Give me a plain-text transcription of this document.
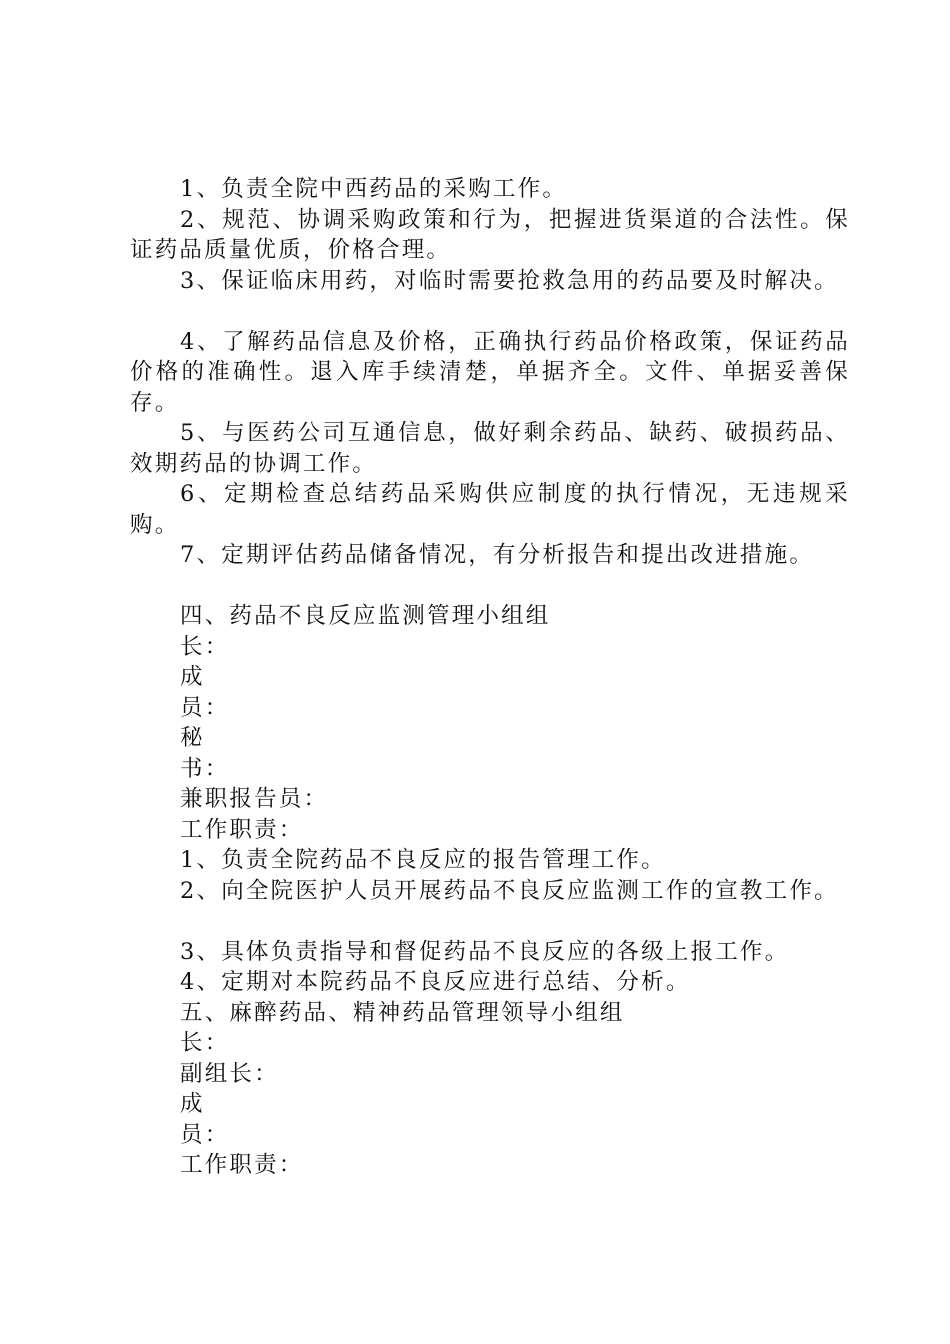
1、负责全院中西药品的采购工作。

2、规范、协调采购政策和行为，把握进货渠道的合法性。保证药品质量优质，价格合理。

3、保证临床用药，对临时需要抢救急用的药品要及时解决。

4、了解药品信息及价格，正确执行药品价格政策，保证药品价格的准确性。退入库手续清楚，单据齐全。文件、单据妥善保存。

5、与医药公司互通信息，做好剩余药品、缺药、破损药品、效期药品的协调工作。

6、定期检查总结药品采购供应制度的执行情况，无违规采购。

7、定期评估药品储备情况，有分析报告和提出改进措施。

四、药品不良反应监测管理小组组

长：

成

员：

秘

书：

兼职报告员：

工作职责：

1、负责全院药品不良反应的报告管理工作。

2、向全院医护人员开展药品不良反应监测工作的宣教工作。

3、具体负责指导和督促药品不良反应的各级上报工作。

4、定期对本院药品不良反应进行总结、分析。

五、麻醉药品、精神药品管理领导小组组

长：

副组长：

成

员：

工作职责：
